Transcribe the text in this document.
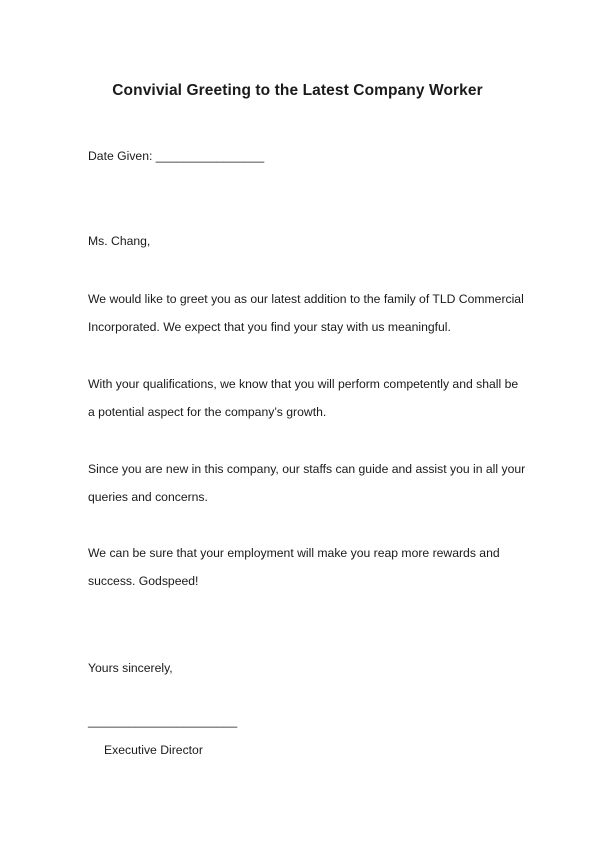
Convivial Greeting to the Latest Company Worker

Date Given: ________________

Ms. Chang,

We would like to greet you as our latest addition to the family of TLD Commercial

Incorporated. We expect that you find your stay with us meaningful.

With your qualifications, we know that you will perform competently and shall be

a potential aspect for the company’s growth.

Since you are new in this company, our staffs can guide and assist you in all your

queries and concerns.

We can be sure that your employment will make you reap more rewards and

success. Godspeed!

Yours sincerely,

______________________

Executive Director
